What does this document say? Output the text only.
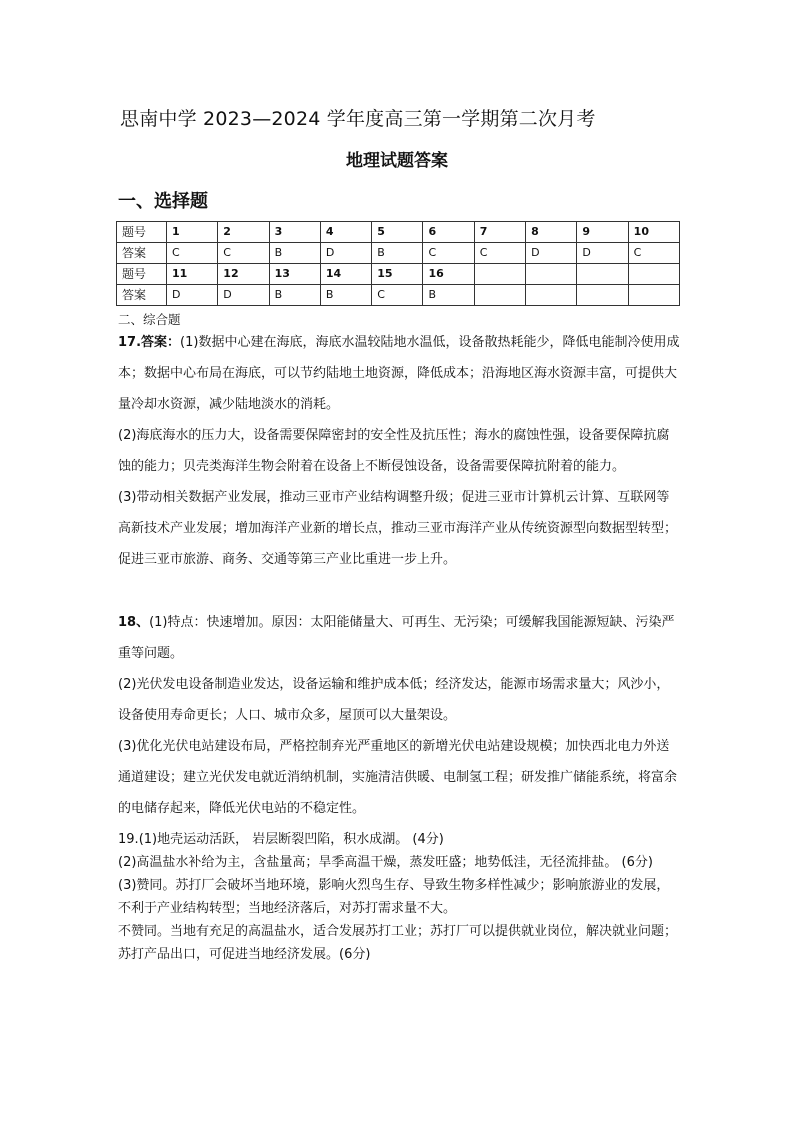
思南中学 2023—2024 学年度高三第一学期第二次月考
地理试题答案
一、选择题
题号	1	2	3	4	5	6	7	8	9	10
答案	C	C	B	D	B	C	C	D	D	C
题号	11	12	13	14	15	16				
答案	D	D	B	B	C	B				
二、综合题

17.答案：(1)数据中心建在海底，海底水温较陆地水温低，设备散热耗能少，降低电能制冷使用成本；数据中心布局在海底，可以节约陆地土地资源，降低成本；沿海地区海水资源丰富，可提供大量冷却水资源，减少陆地淡水的消耗。

(2)海底海水的压力大，设备需要保障密封的安全性及抗压性；海水的腐蚀性强，设备要保障抗腐蚀的能力；贝壳类海洋生物会附着在设备上不断侵蚀设备，设备需要保障抗附着的能力。

(3)带动相关数据产业发展，推动三亚市产业结构调整升级；促进三亚市计算机云计算、互联网等高新技术产业发展；增加海洋产业新的增长点，推动三亚市海洋产业从传统资源型向数据型转型；促进三亚市旅游、商务、交通等第三产业比重进一步上升。

18、(1)特点：快速增加。原因：太阳能储量大、可再生、无污染；可缓解我国能源短缺、污染严重等问题。

(2)光伏发电设备制造业发达，设备运输和维护成本低；经济发达，能源市场需求量大；风沙小，设备使用寿命更长；人口、城市众多，屋顶可以大量架设。

(3)优化光伏电站建设布局，严格控制弃光严重地区的新增光伏电站建设规模；加快西北电力外送通道建设；建立光伏发电就近消纳机制，实施清洁供暖、电制氢工程；研发推广储能系统，将富余的电储存起来，降低光伏电站的不稳定性。

19.(1)地壳运动活跃， 岩层断裂凹陷，积水成湖。 (4分)

(2)高温盐水补给为主，含盐量高；旱季高温干燥，蒸发旺盛；地势低洼，无径流排盐。 (6分)

(3)赞同。苏打厂会破坏当地环境，影响火烈鸟生存、导致生物多样性减少；影响旅游业的发展，不利于产业结构转型；当地经济落后，对苏打需求量不大。

不赞同。当地有充足的高温盐水，适合发展苏打工业；苏打厂可以提供就业岗位，解决就业问题；苏打产品出口，可促进当地经济发展。(6分)
